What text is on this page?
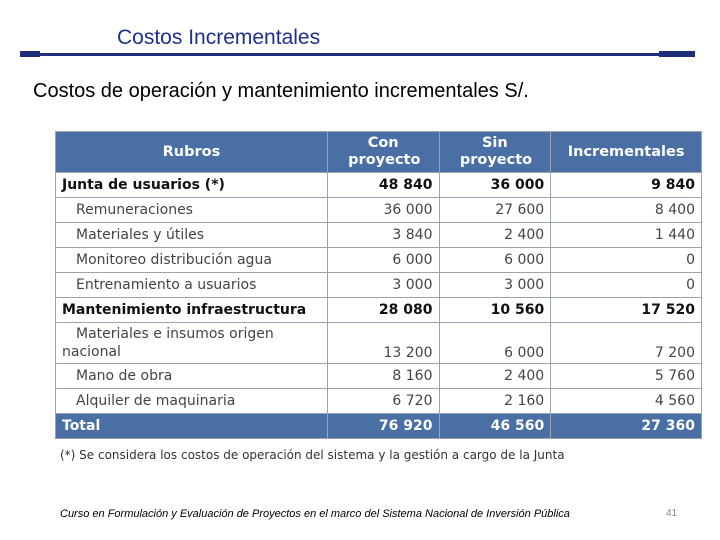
Costos Incrementales
Costos de operación y mantenimiento incrementales S/.
Rubros	Con proyecto	Sin proyecto	Incrementales
Junta de usuarios (*)	48 840	36 000	9 840
Remuneraciones	36 000	27 600	8 400
Materiales y útiles	3 840	2 400	1 440
Monitoreo distribución agua	6 000	6 000	0
Entrenamiento a usuarios	3 000	3 000	0
Mantenimiento infraestructura	28 080	10 560	17 520

Materiales e insumos origen
nacional	13 200	6 000	7 200
Mano de obra	8 160	2 400	5 760
Alquiler de maquinaria	6 720	2 160	4 560
Total	76 920	46 560	27 360
(*) Se considera los costos de operación del sistema y la gestión a cargo de la Junta
Curso en Formulación y Evaluación de Proyectos en el marco del Sistema Nacional de Inversión Pública	41
